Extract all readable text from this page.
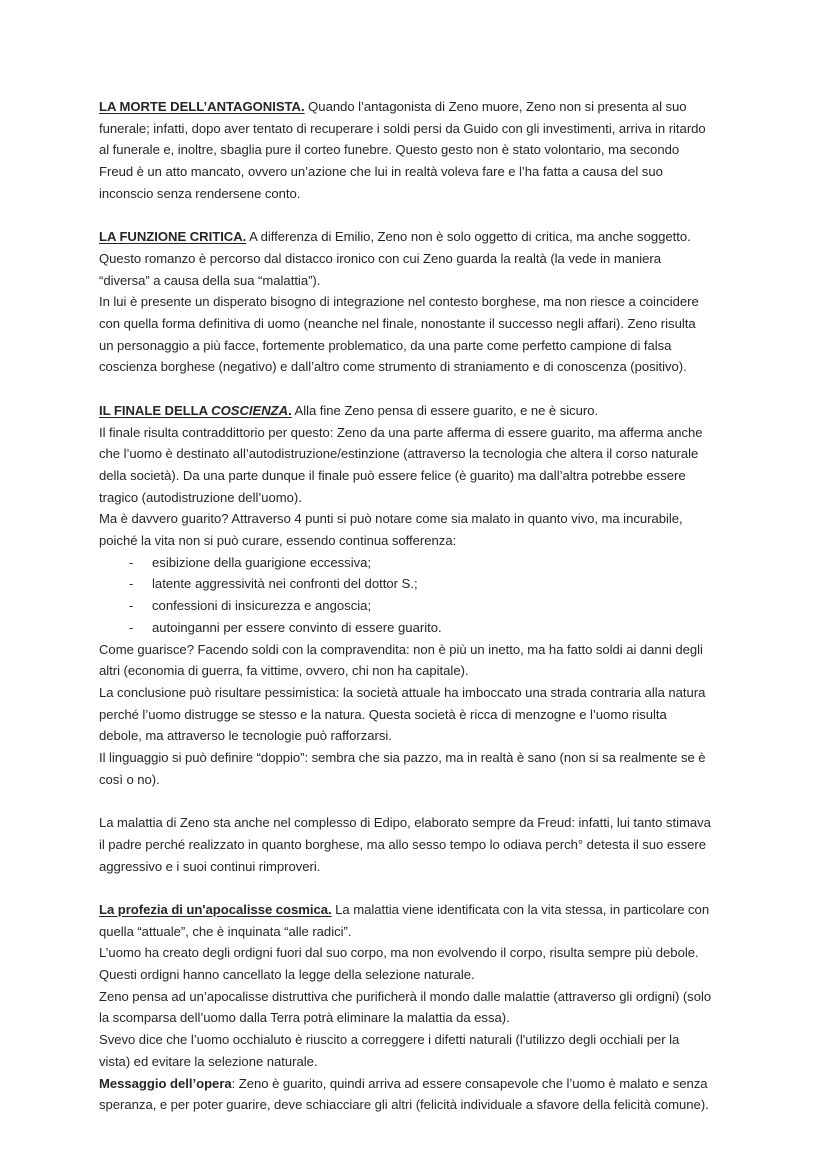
LA MORTE DELL’ANTAGONISTA. Quando l’antagonista di Zeno muore, Zeno non si presenta al suo funerale; infatti, dopo aver tentato di recuperare i soldi persi da Guido con gli investimenti, arriva in ritardo al funerale e, inoltre, sbaglia pure il corteo funebre. Questo gesto non è stato volontario, ma secondo Freud è un atto mancato, ovvero un’azione che lui in realtà voleva fare e l’ha fatta a causa del suo inconscio senza rendersene conto.

LA FUNZIONE CRITICA. A differenza di Emilio, Zeno non è solo oggetto di critica, ma anche soggetto. Questo romanzo è percorso dal distacco ironico con cui Zeno guarda la realtà (la vede in maniera “diversa” a causa della sua “malattia”).

In lui è presente un disperato bisogno di integrazione nel contesto borghese, ma non riesce a coincidere con quella forma definitiva di uomo (neanche nel finale, nonostante il successo negli affari). Zeno risulta un personaggio a più facce, fortemente problematico, da una parte come perfetto campione di falsa coscienza borghese (negativo) e dall’altro come strumento di straniamento e di conoscenza (positivo).

IL FINALE DELLA COSCIENZA. Alla fine Zeno pensa di essere guarito, e ne è sicuro.

Il finale risulta contraddittorio per questo: Zeno da una parte afferma di essere guarito, ma afferma anche che l’uomo è destinato all’autodistruzione/estinzione (attraverso la tecnologia che altera il corso naturale della società). Da una parte dunque il finale può essere felice (è guarito) ma dall’altra potrebbe essere tragico (autodistruzione dell’uomo).

Ma è davvero guarito? Attraverso 4 punti si può notare come sia malato in quanto vivo, ma incurabile, poiché la vita non si può curare, essendo continua sofferenza:

- esibizione della guarigione eccessiva;
- latente aggressività nei confronti del dottor S.;
- confessioni di insicurezza e angoscia;
- autoinganni per essere convinto di essere guarito.

Come guarisce? Facendo soldi con la compravendita: non è più un inetto, ma ha fatto soldi ai danni degli altri (economia di guerra, fa vittime, ovvero, chi non ha capitale).

La conclusione può risultare pessimistica: la società attuale ha imboccato una strada contraria alla natura perché l’uomo distrugge se stesso e la natura. Questa società è ricca di menzogne e l’uomo risulta debole, ma attraverso le tecnologie può rafforzarsi.

Il linguaggio si può definire “doppio”: sembra che sia pazzo, ma in realtà è sano (non si sa realmente se è così o no).

La malattia di Zeno sta anche nel complesso di Edipo, elaborato sempre da Freud: infatti, lui tanto stimava il padre perché realizzato in quanto borghese, ma allo sesso tempo lo odiava perch° detesta il suo essere aggressivo e i suoi continui rimproveri.

La profezia di un'apocalisse cosmica. La malattia viene identificata con la vita stessa, in particolare con quella “attuale”, che è inquinata “alle radici”.

L’uomo ha creato degli ordigni fuori dal suo corpo, ma non evolvendo il corpo, risulta sempre più debole. Questi ordigni hanno cancellato la legge della selezione naturale.

Zeno pensa ad un’apocalisse distruttiva che purificherà il mondo dalle malattie (attraverso gli ordigni) (solo la scomparsa dell’uomo dalla Terra potrà eliminare la malattia da essa).

Svevo dice che l’uomo occhialuto è riuscito a correggere i difetti naturali (l'utilizzo degli occhiali per la vista) ed evitare la selezione naturale.

Messaggio dell’opera: Zeno è guarito, quindi arriva ad essere consapevole che l’uomo è malato e senza speranza, e per poter guarire, deve schiacciare gli altri (felicità individuale a sfavore della felicità comune).
